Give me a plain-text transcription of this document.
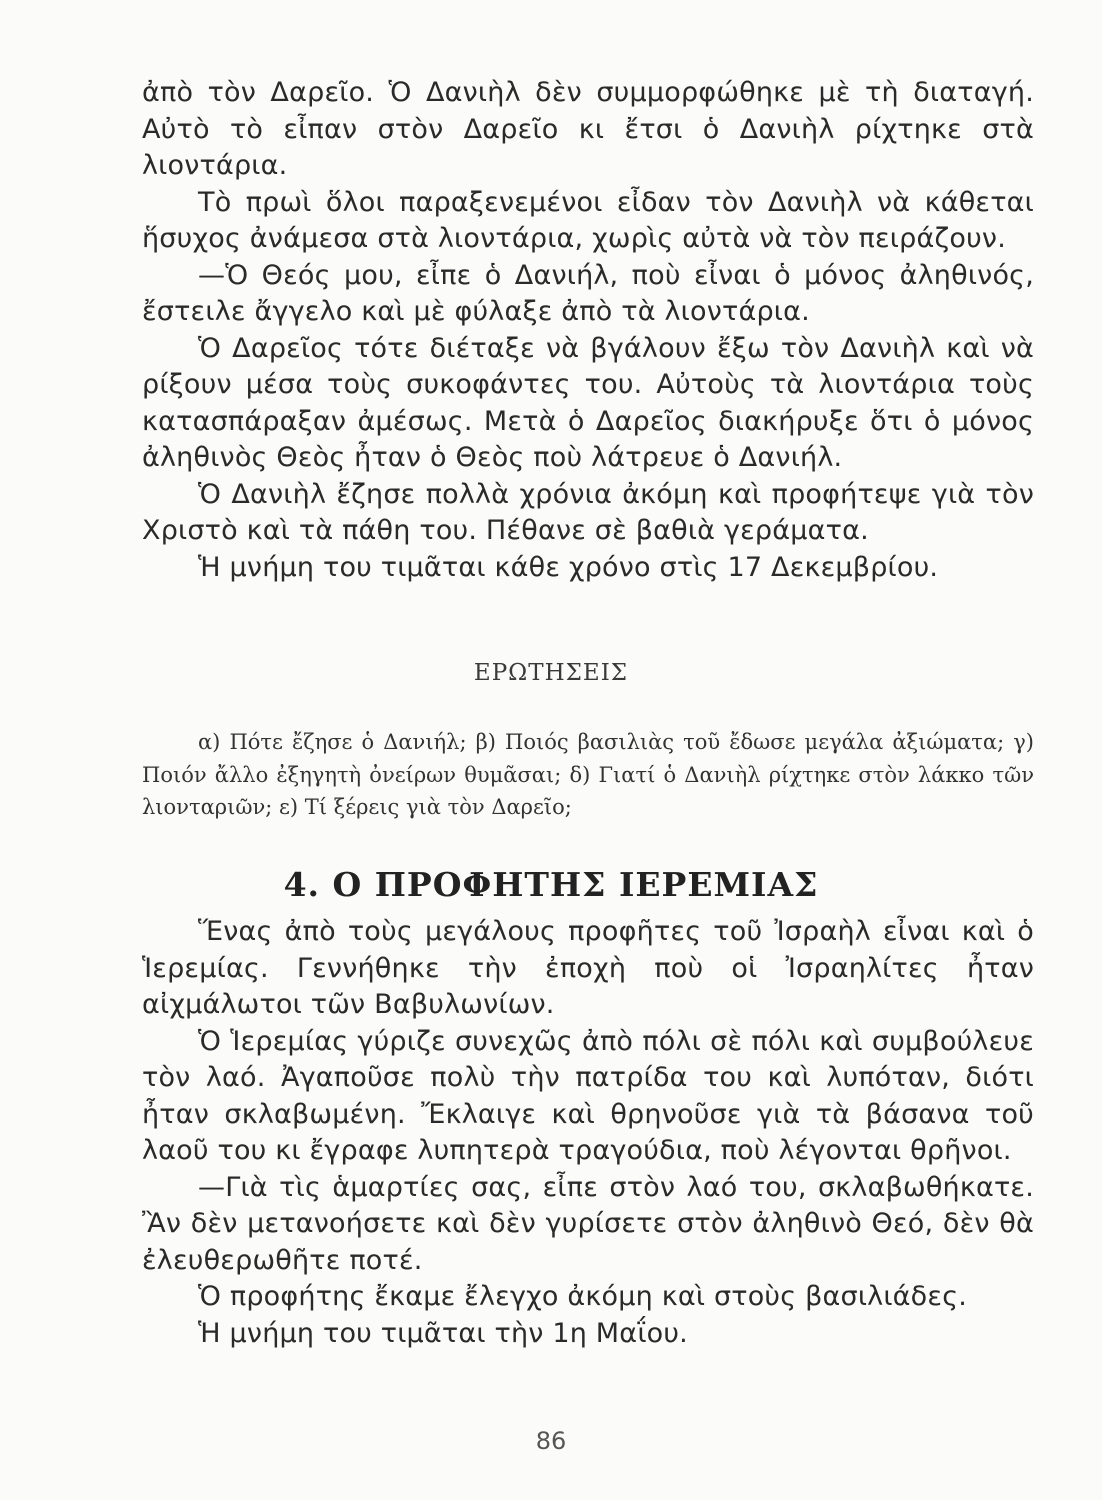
ἀπὸ τὸν Δαρεῖο. Ὁ Δανιὴλ δὲν συμμορφώθηκε μὲ τὴ διαταγή. Αὐτὸ τὸ εἶπαν στὸν Δαρεῖο κι ἔτσι ὁ Δανιὴλ ρίχτηκε στὰ λιοντάρια.

Τὸ πρωὶ ὅλοι παραξενεμένοι εἶδαν τὸν Δανιὴλ νὰ κάθεται ἥσυχος ἀνάμεσα στὰ λιοντάρια, χωρὶς αὐτὰ νὰ τὸν πειράζουν.

—Ὁ Θεός μου, εἶπε ὁ Δανιήλ, ποὺ εἶναι ὁ μόνος ἀληθινός, ἔστειλε ἄγγελο καὶ μὲ φύλαξε ἀπὸ τὰ λιοντάρια.

Ὁ Δαρεῖος τότε διέταξε νὰ βγάλουν ἔξω τὸν Δανιὴλ καὶ νὰ ρίξουν μέσα τοὺς συκοφάντες του. Αὐτοὺς τὰ λιοντάρια τοὺς κατασπάραξαν ἀμέσως. Μετὰ ὁ Δαρεῖος διακήρυξε ὅτι ὁ μόνος ἀληθινὸς Θεὸς ἦταν ὁ Θεὸς ποὺ λάτρευε ὁ Δανιήλ.

Ὁ Δανιὴλ ἔζησε πολλὰ χρόνια ἀκόμη καὶ προφήτεψε γιὰ τὸν Χριστὸ καὶ τὰ πάθη του. Πέθανε σὲ βαθιὰ γεράματα.

Ἡ μνήμη του τιμᾶται κάθε χρόνο στὶς 17 Δεκεμβρίου.

ΕΡΩΤΗΣΕΙΣ

α) Πότε ἔζησε ὁ Δανιήλ; β) Ποιός βασιλιὰς τοῦ ἔδωσε μεγάλα ἀξιώματα; γ) Ποιόν ἄλλο ἐξηγητὴ ὀνείρων θυμᾶσαι; δ) Γιατί ὁ Δανιὴλ ρίχτηκε στὸν λάκκο τῶν λιονταριῶν; ε) Τί ξέρεις γιὰ τὸν Δαρεῖο;

4. Ο ΠΡΟΦΗΤΗΣ ΙΕΡΕΜΙΑΣ

Ἕνας ἀπὸ τοὺς μεγάλους προφῆτες τοῦ Ἰσραὴλ εἶναι καὶ ὁ Ἱερεμίας. Γεννήθηκε τὴν ἐποχὴ ποὺ οἱ Ἰσραηλίτες ἦταν αἰχμάλωτοι τῶν Βαβυλωνίων.

Ὁ Ἱερεμίας γύριζε συνεχῶς ἀπὸ πόλι σὲ πόλι καὶ συμβούλευε τὸν λαό. Ἀγαποῦσε πολὺ τὴν πατρίδα του καὶ λυπόταν, διότι ἦταν σκλαβωμένη. Ἔκλαιγε καὶ θρηνοῦσε γιὰ τὰ βάσανα τοῦ λαοῦ του κι ἔγραφε λυπητερὰ τραγούδια, ποὺ λέγονται θρῆνοι.

—Γιὰ τὶς ἁμαρτίες σας, εἶπε στὸν λαό του, σκλαβωθήκατε. Ἂν δὲν μετανοήσετε καὶ δὲν γυρίσετε στὸν ἀληθινὸ Θεό, δὲν θὰ ἐλευθερωθῆτε ποτέ.

Ὁ προφήτης ἔκαμε ἔλεγχο ἀκόμη καὶ στοὺς βασιλιάδες.

Ἡ μνήμη του τιμᾶται τὴν 1η Μαΐου.

86
